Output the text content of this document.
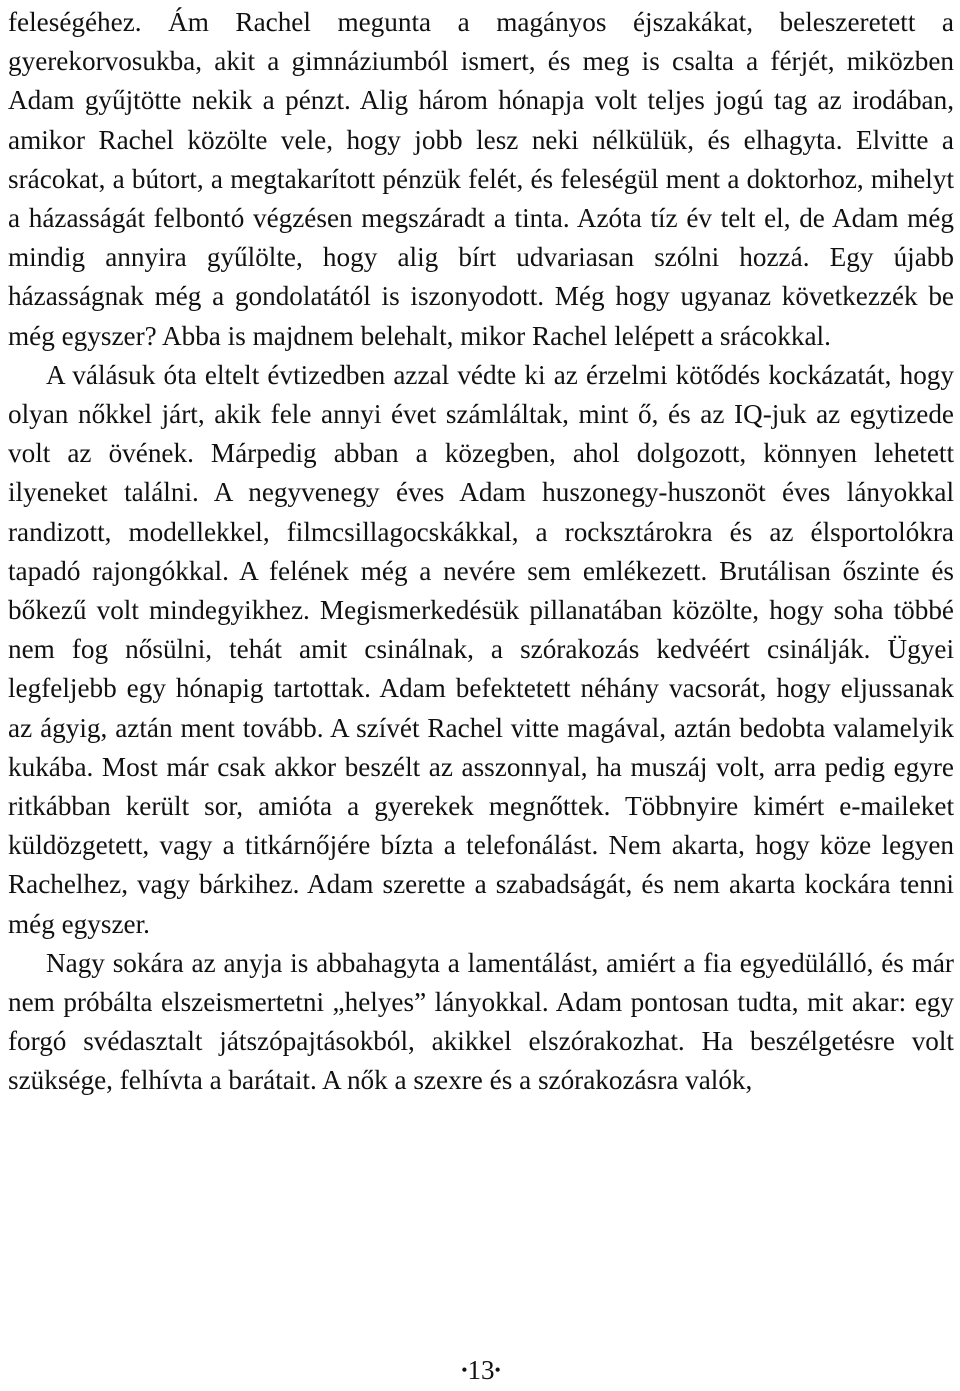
feleségéhez. Ám Rachel megunta a magányos éjszakákat, beleszeretett a gyerekorvosukba, akit a gimnáziumból ismert, és meg is csalta a férjét, miközben Adam gyűjtötte nekik a pénzt. Alig három hónapja volt teljes jogú tag az irodában, amikor Rachel közölte vele, hogy jobb lesz neki nélkülük, és elhagyta. Elvitte a srácokat, a bútort, a megtakarított pénzük felét, és feleségül ment a doktorhoz, mihelyt a házasságát felbontó végzésen megszáradt a tinta. Azóta tíz év telt el, de Adam még mindig annyira gyűlölte, hogy alig bírt udvariasan szólni hozzá. Egy újabb házasságnak még a gondolatától is iszonyodott. Még hogy ugyanaz következzék be még egyszer? Abba is majdnem belehalt, mikor Rachel lelépett a srácokkal.

A válásuk óta eltelt évtizedben azzal védte ki az érzelmi kötődés kockázatát, hogy olyan nőkkel járt, akik fele annyi évet számláltak, mint ő, és az IQ-juk az egytizede volt az övének. Márpedig abban a közegben, ahol dolgozott, könnyen lehetett ilyeneket találni. A negyvenegy éves Adam huszonegy-huszonöt éves lányokkal randizott, modellekkel, filmcsillagocskákkal, a rocksztárokra és az élsportolókra tapadó rajongókkal. A felének még a nevére sem emlékezett. Brutálisan őszinte és bőkezű volt mindegyikhez. Megismerkedésük pillanatában közölte, hogy soha többé nem fog nősülni, tehát amit csinálnak, a szórakozás kedvéért csinálják. Ügyei legfeljebb egy hónapig tartottak. Adam befektetett néhány vacsorát, hogy eljussanak az ágyig, aztán ment tovább. A szívét Rachel vitte magával, aztán bedobta valamelyik kukába. Most már csak akkor beszélt az asszonnyal, ha muszáj volt, arra pedig egyre ritkábban került sor, amióta a gyerekek megnőttek. Többnyire kimért e-maileket küldözgetett, vagy a titkárnőjére bízta a telefonálást. Nem akarta, hogy köze legyen Rachelhez, vagy bárkihez. Adam szerette a szabadságát, és nem akarta kockára tenni még egyszer.

Nagy sokára az anyja is abbahagyta a lamentálást, amiért a fia egyedülálló, és már nem próbálta elszeismertetni „helyes” lányokkal. Adam pontosan tudta, mit akar: egy forgó svédasztalt játszópajtásokból, akikkel elszórakozhat. Ha beszélgetésre volt szüksége, felhívta a barátait. A nők a szexre és a szórakozásra valók,

•13•
